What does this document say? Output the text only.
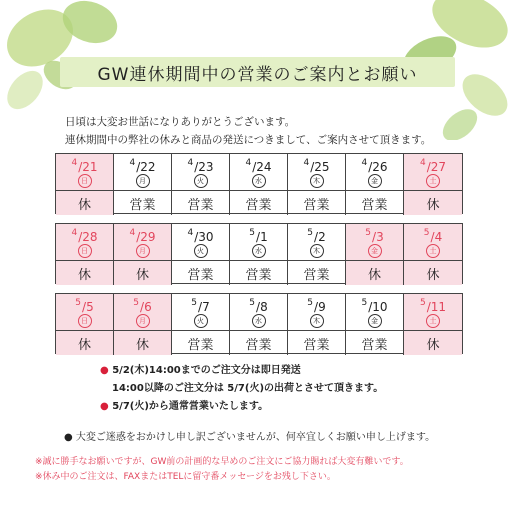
GW連休期間中の営業のご案内とお願い
日頃は大変お世話になりありがとうございます。
連休期間中の弊社の休みと商品の発送につきまして、ご案内させて頂きます。
$^4$/21
日
休
$^4$/22
月
営業
$^4$/23
火
営業
$^4$/24
水
営業
$^4$/25
木
営業
$^4$/26
金
営業
$^4$/27
土
休
$^4$/28
日
休
$^4$/29
月
休
$^4$/30
火
営業
$^5$/1
水
営業
$^5$/2
木
営業
$^5$/3
金
休
$^5$/4
土
休
$^5$/5
日
休
$^5$/6
月
休
$^5$/7
火
営業
$^5$/8
水
営業
$^5$/9
木
営業
$^5$/10
金
営業
$^5$/11
土
休
● 5/2(木)14:00までのご注文分は即日発送
14:00以降のご注文分は 5/7(火)の出荷とさせて頂きます。
● 5/7(火)から通常営業いたします。
● 大変ご迷惑をおかけし申し訳ございませんが、何卒宜しくお願い申し上げます。
※誠に勝手なお願いですが、GW前の計画的な早めのご注文にご協力賜れば大変有難いです。
※休み中のご注文は、FAXまたはTELに留守番メッセージをお残し下さい。
